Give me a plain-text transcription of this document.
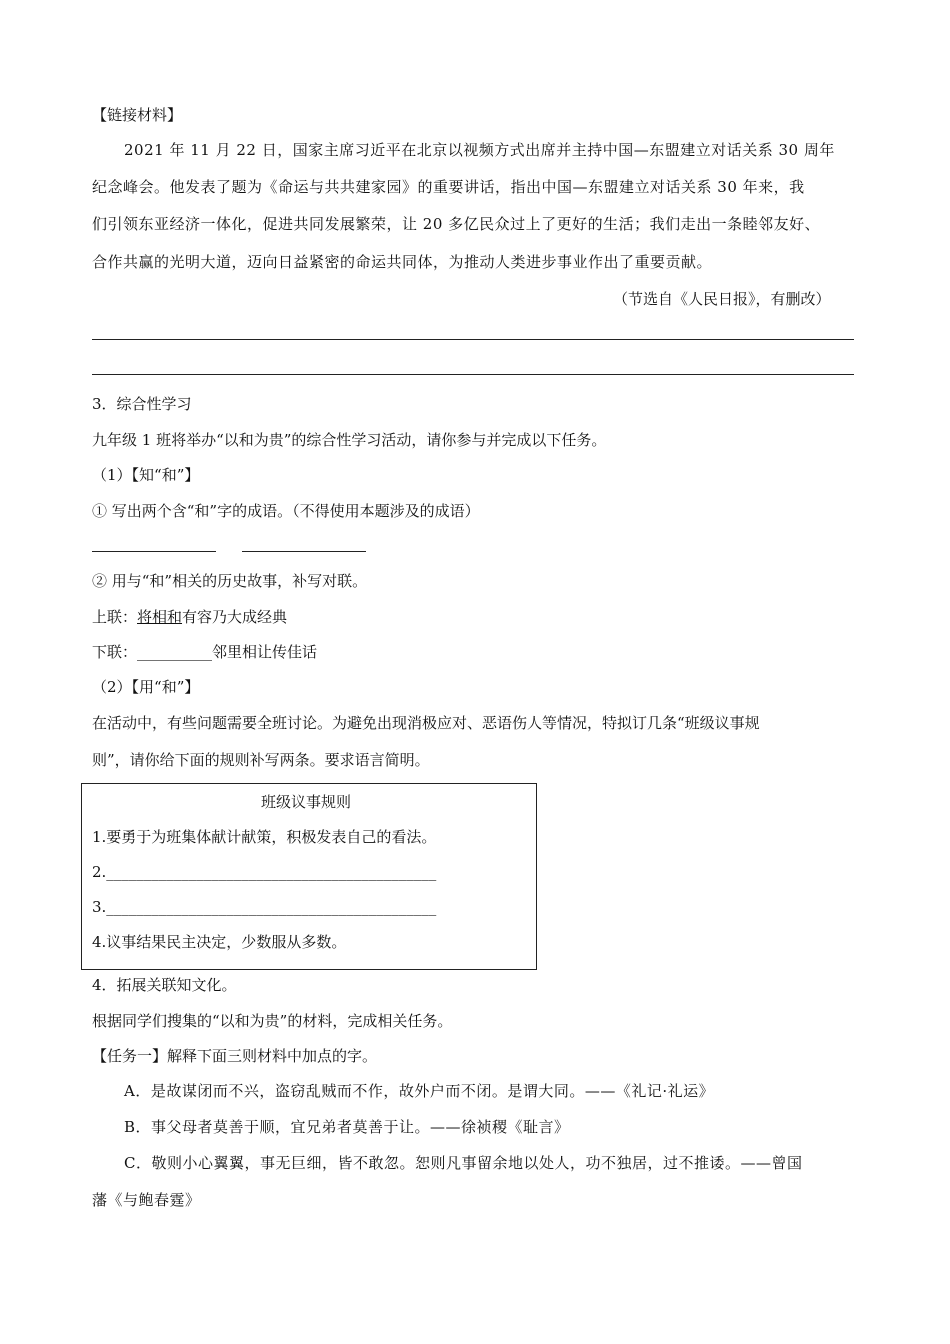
【链接材料】
2021 年 11 月 22 日，国家主席习近平在北京以视频方式出席并主持中国—东盟建立对话关系 30 周年
纪念峰会。他发表了题为《命运与共共建家园》的重要讲话，指出中国—东盟建立对话关系 30 年来，我
们引领东亚经济一体化，促进共同发展繁荣，让 20 多亿民众过上了更好的生活；我们走出一条睦邻友好、
合作共赢的光明大道，迈向日益紧密的命运共同体，为推动人类进步事业作出了重要贡献。
（节选自《人民日报》，有删改）
3．综合性学习
九年级 1 班将举办“以和为贵”的综合性学习活动，请你参与并完成以下任务。
（1）【知“和”】
① 写出两个含“和”字的成语。（不得使用本题涉及的成语）
② 用与“和”相关的历史故事，补写对联。
上联：将相和有容乃大成经典
下联：__________邻里相让传佳话
（2）【用“和”】
在活动中，有些问题需要全班讨论。为避免出现消极应对、恶语伤人等情况，特拟订几条“班级议事规
则”，请你给下面的规则补写两条。要求语言简明。
班级议事规则
1.要勇于为班集体献计献策，积极发表自己的看法。
2.____________________________________________
3.____________________________________________
4.议事结果民主决定，少数服从多数。
4．拓展关联知文化。
根据同学们搜集的“以和为贵”的材料，完成相关任务。
【任务一】解释下面三则材料中加点的字。
A．是故谋闭而不兴，盗窃乱贼而不作，故外户而不闭。是谓大同。——《礼记·礼运》
B．事父母者莫善于顺，宜兄弟者莫善于让。——徐祯稷《耻言》
C．敬则小心翼翼，事无巨细，皆不敢忽。恕则凡事留余地以处人，功不独居，过不推诿。——曾国
藩《与鲍春霆》
